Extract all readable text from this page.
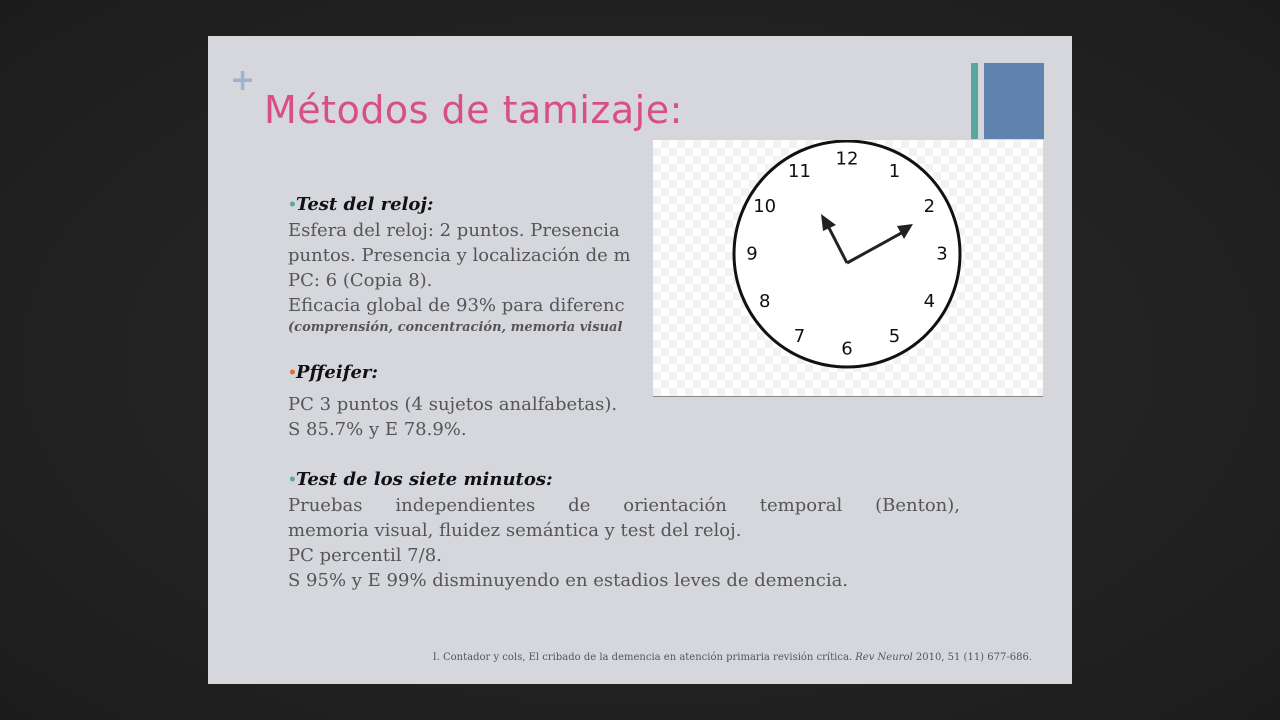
+
Métodos de tamizaje:
•Test del reloj:
Esfera del reloj: 2 puntos. Presencia
puntos. Presencia y localización de m
PC: 6 (Copia 8).
Eficacia global de 93% para diferenc
(comprensión, concentración, memoria visual
•Pffeifer:
PC 3 puntos (4 sujetos analfabetas).
S 85.7% y E 78.9%.
•Test de los siete minutos:
Pruebas independientes de orientación temporal (Benton),
memoria visual, fluidez semántica y test del reloj.
PC percentil 7/8.
S 95% y E 99% disminuyendo en estadios leves de demencia.
12
1
2
3
4
5
6
7
8
9
10
11
I. Contador y cols, El cribado de la demencia en atención primaria revisión crítica. Rev Neurol 2010, 51 (11) 677-686.
